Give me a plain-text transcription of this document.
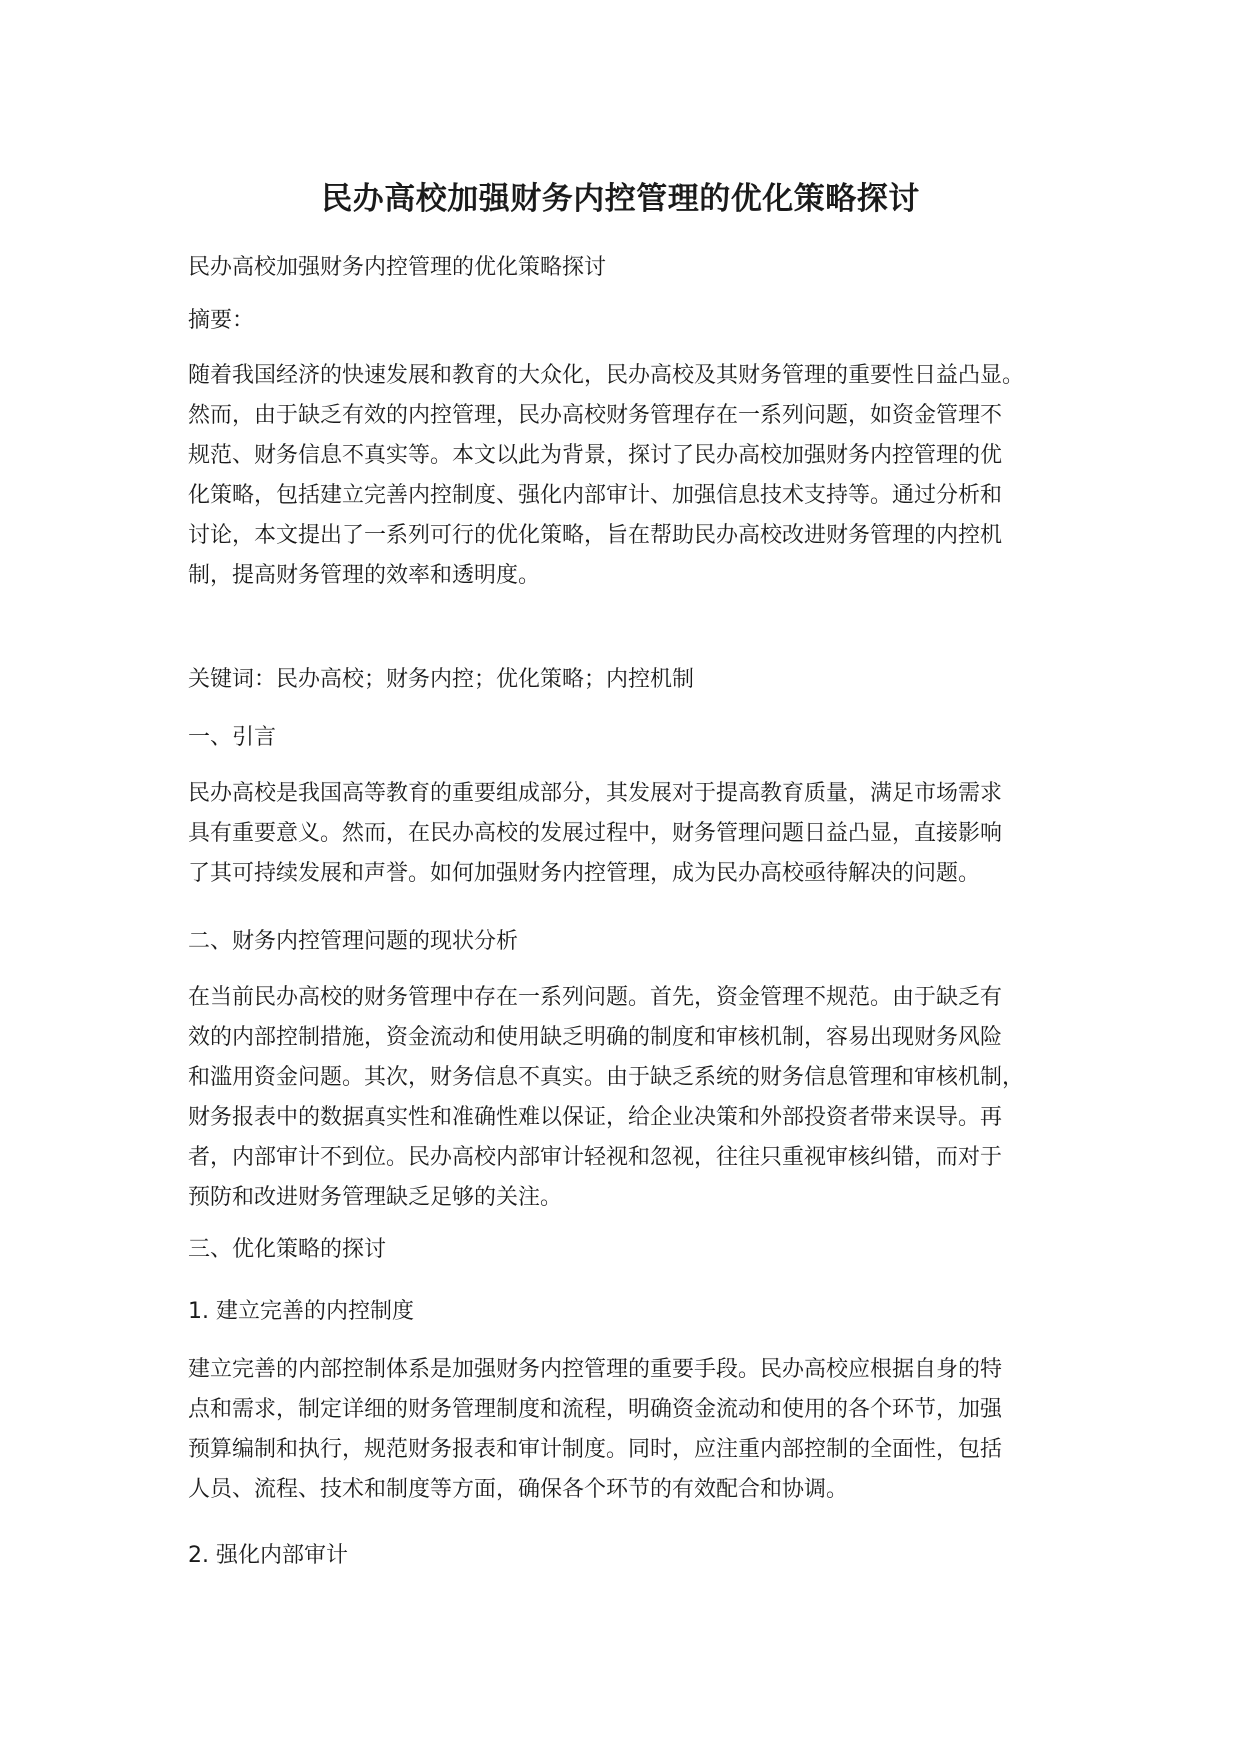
民办高校加强财务内控管理的优化策略探讨

民办高校加强财务内控管理的优化策略探讨

摘要：

随着我国经济的快速发展和教育的大众化，民办高校及其财务管理的重要性日益凸显。
然而，由于缺乏有效的内控管理，民办高校财务管理存在一系列问题，如资金管理不
规范、财务信息不真实等。本文以此为背景，探讨了民办高校加强财务内控管理的优
化策略，包括建立完善内控制度、强化内部审计、加强信息技术支持等。通过分析和
讨论，本文提出了一系列可行的优化策略，旨在帮助民办高校改进财务管理的内控机
制，提高财务管理的效率和透明度。

关键词：民办高校；财务内控；优化策略；内控机制

一、引言

民办高校是我国高等教育的重要组成部分，其发展对于提高教育质量，满足市场需求
具有重要意义。然而，在民办高校的发展过程中，财务管理问题日益凸显，直接影响
了其可持续发展和声誉。如何加强财务内控管理，成为民办高校亟待解决的问题。

二、财务内控管理问题的现状分析

在当前民办高校的财务管理中存在一系列问题。首先，资金管理不规范。由于缺乏有
效的内部控制措施，资金流动和使用缺乏明确的制度和审核机制，容易出现财务风险
和滥用资金问题。其次，财务信息不真实。由于缺乏系统的财务信息管理和审核机制，
财务报表中的数据真实性和准确性难以保证，给企业决策和外部投资者带来误导。再
者，内部审计不到位。民办高校内部审计轻视和忽视，往往只重视审核纠错，而对于
预防和改进财务管理缺乏足够的关注。

三、优化策略的探讨

1. 建立完善的内控制度

建立完善的内部控制体系是加强财务内控管理的重要手段。民办高校应根据自身的特
点和需求，制定详细的财务管理制度和流程，明确资金流动和使用的各个环节，加强
预算编制和执行，规范财务报表和审计制度。同时，应注重内部控制的全面性，包括
人员、流程、技术和制度等方面，确保各个环节的有效配合和协调。

2. 强化内部审计
